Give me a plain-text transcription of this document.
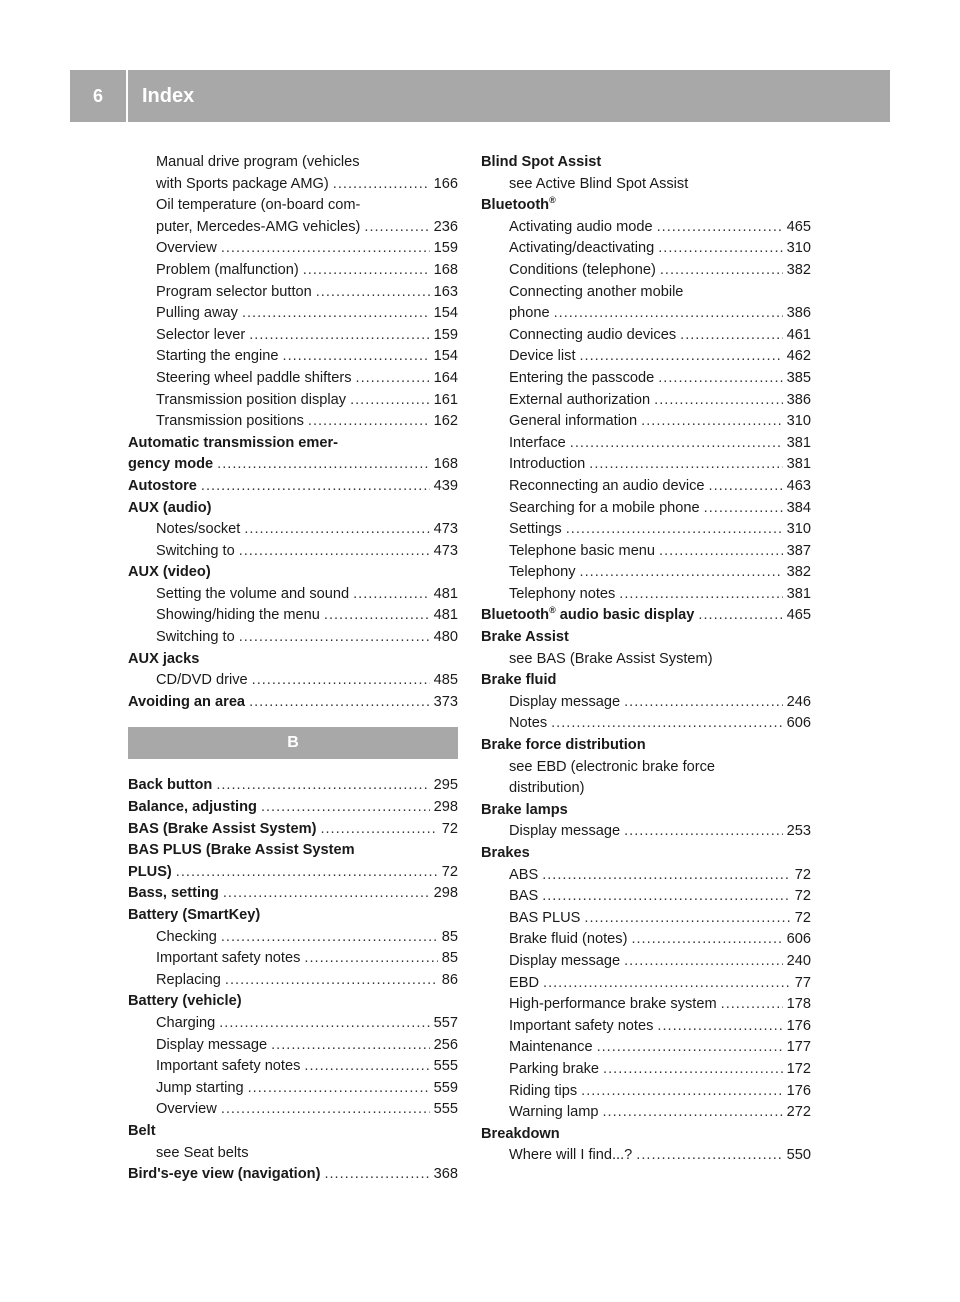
6	Index
Manual drive program (vehicles
with Sports package AMG) .....	166
Oil temperature (on-board com-
puter, Mercedes-AMG vehicles) .....	236
Overview .....	159
Problem (malfunction) .....	168
Program selector button .....	163
Pulling away .....	154
Selector lever .....	159
Starting the engine .....	154
Steering wheel paddle shifters .....	164
Transmission position display .....	161
Transmission positions .....	162
Automatic transmission emer-
gency mode .....	168
Autostore .....	439
AUX (audio)
Notes/socket .....	473
Switching to .....	473
AUX (video)
Setting the volume and sound .....	481
Showing/hiding the menu .....	481
Switching to .....	480
AUX jacks
CD/DVD drive .....	485
Avoiding an area .....	373
B
Back button .....	295
Balance, adjusting .....	298
BAS (Brake Assist System) .....	72
BAS PLUS (Brake Assist System
PLUS) .....	72
Bass, setting .....	298
Battery (SmartKey)
Checking .....	85
Important safety notes .....	85
Replacing .....	86
Battery (vehicle)
Charging .....	557
Display message .....	256
Important safety notes .....	555
Jump starting .....	559
Overview .....	555
Belt
see Seat belts
Bird's-eye view (navigation) .....	368
Blind Spot Assist
see Active Blind Spot Assist
Bluetooth®
Activating audio mode .....	465
Activating/deactivating .....	310
Conditions (telephone) .....	382
Connecting another mobile
phone .....	386
Connecting audio devices .....	461
Device list .....	462
Entering the passcode .....	385
External authorization .....	386
General information .....	310
Interface .....	381
Introduction .....	381
Reconnecting an audio device .....	463
Searching for a mobile phone .....	384
Settings .....	310
Telephone basic menu .....	387
Telephony .....	382
Telephony notes .....	381
Bluetooth® audio basic display .....	465
Brake Assist
see BAS (Brake Assist System)
Brake fluid
Display message .....	246
Notes .....	606
Brake force distribution
see EBD (electronic brake force
distribution)
Brake lamps
Display message .....	253
Brakes
ABS .....	72
BAS .....	72
BAS PLUS .....	72
Brake fluid (notes) .....	606
Display message .....	240
EBD .....	77
High-performance brake system .....	178
Important safety notes .....	176
Maintenance .....	177
Parking brake .....	172
Riding tips .....	176
Warning lamp .....	272
Breakdown
Where will I find...? .....	550
